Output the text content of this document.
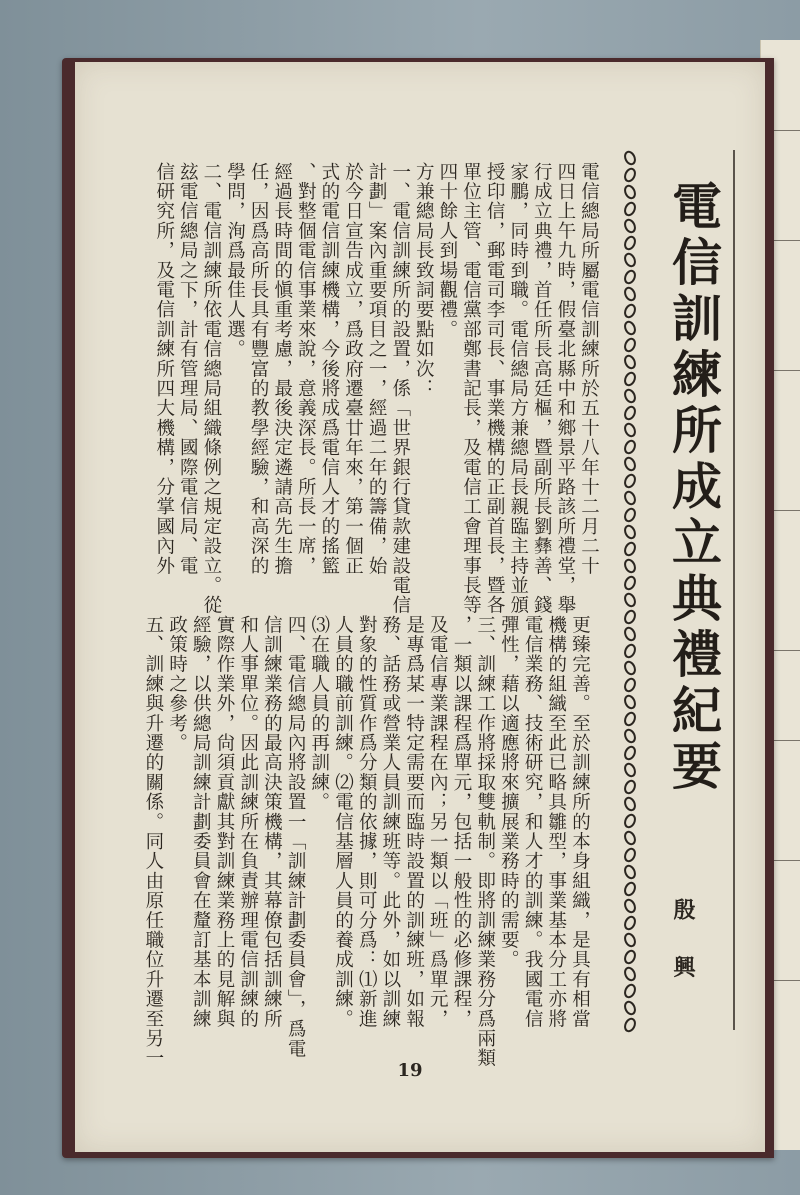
電信訓練所成立典禮紀要
殷 興
電信總局所屬電信訓練所於五十八年十二月二十
四日上午九時，假臺北縣中和鄉景平路該所禮堂，舉
行成立典禮，首任所長高廷樞，暨副所長劉彝善、錢
家鵬，同時到職。電信總局方兼總局長親臨主持並頒
授印信，郵電司李司長、事業機構的正副首長，暨各
單位主管、電信黨部鄭書記長，及電信工會理事長等
四十餘人到場觀禮。
方兼總局長致詞要點如次：
一、電信訓練所的設置，係「世界銀行貸款建設電信
計劃」案內重要項目之一，經過二年的籌備，始
於今日宣告成立，爲政府遷臺廿年來，第一個正
式的電信訓練機構，今後將成爲電信人才的搖籃
、對整個電信事業來說，意義深長。所長一席，
經過長時間的愼重考慮，最後決定遴請高先生擔
任，因爲高所長具有豐富的教學經驗，和高深的
學問，洵爲最佳人選。
二、電信訓練所依電信總局組織條例之規定設立。從
玆電信總局之下，計有管理局、國際電信局、電
信研究所，及電信訓練所四大機構，分掌國內外
更臻完善。至於訓練所的本身組織，是具有相當
機構的組織至此已略具雛型，事業基本分工亦將
電信業務、技術研究，和人才的訓練。我國電信
彈性，藉以適應將來擴展業務時的需要。
三、訓練工作將採取雙軌制。即將訓練業務分爲兩類
，一類以課程爲單元，包括一般性的必修課程，
及電信專業課程在內；另一類以「班」爲單元，
是專爲某一特定需要而臨時設置的訓練班，如報
務、話務或營業人員訓練班等。此外，如以訓練
對象的性質作爲分類的依據，則可分爲：⑴新進
人員的職前訓練。⑵電信基層人員的養成訓練。
⑶在職人員的再訓練。
四、電信總局內將設置一「訓練計劃委員會」，爲電
信訓練業務的最高決策機構，其幕僚包括訓練所
和人事單位。因此訓練所在負責辦理電信訓練的
實際作業外，尙須貢獻其對訓練業務上的見解與
經驗，以供總局訓練計劃委員會在釐訂基本訓練
政策時之參考。
五、訓練與升遷的關係。同人由原任職位升遷至另一
19
